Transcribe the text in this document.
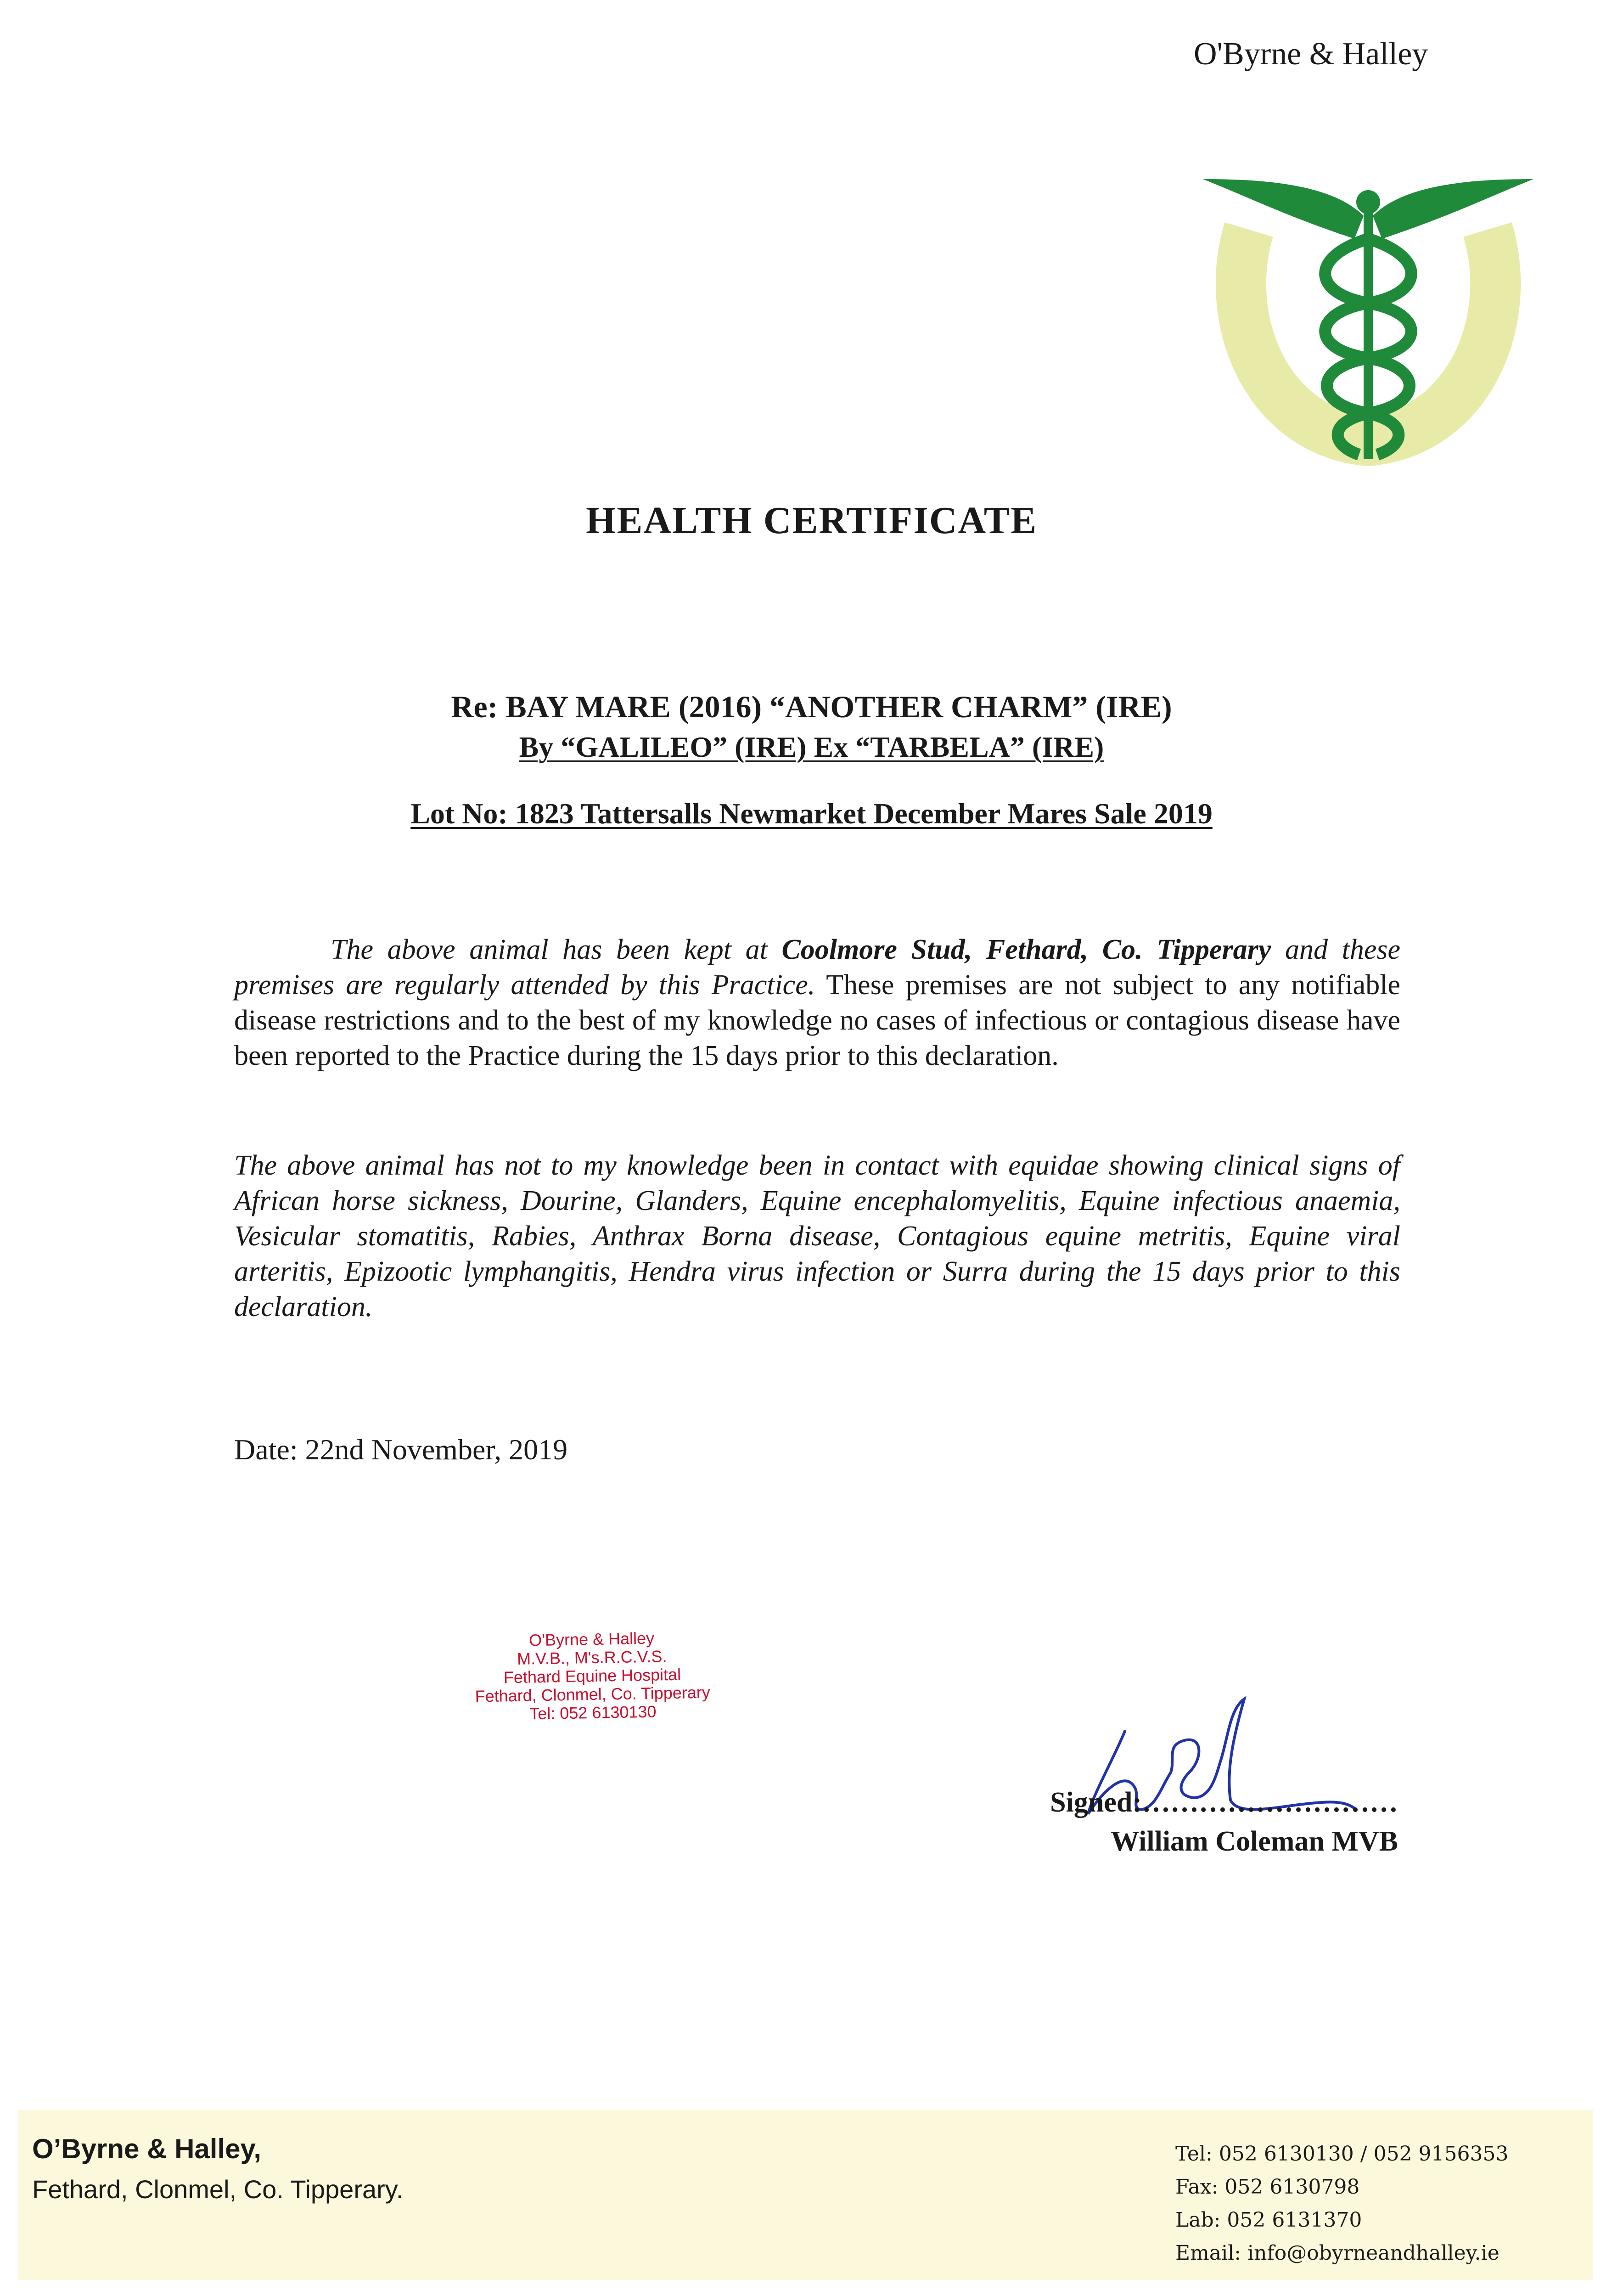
O'Byrne & Halley
HEALTH CERTIFICATE
Re: BAY MARE (2016) “ANOTHER CHARM” (IRE)
By “GALILEO” (IRE) Ex “TARBELA” (IRE)
Lot No: 1823 Tattersalls Newmarket December Mares Sale 2019
The above animal has been kept at Coolmore Stud, Fethard, Co. Tipperary and these premises are regularly attended by this Practice. These premises are not subject to any notifiable disease restrictions and to the best of my knowledge no cases of infectious or contagious disease have been reported to the Practice during the 15 days prior to this declaration.
The above animal has not to my knowledge been in contact with equidae showing clinical signs of African horse sickness, Dourine, Glanders, Equine encephalomyelitis, Equine infectious anaemia, Vesicular stomatitis, Rabies, Anthrax Borna disease, Contagious equine metritis, Equine viral arteritis, Epizootic lymphangitis, Hendra virus infection or Surra during the 15 days prior to this declaration.
Date: 22nd November, 2019
O'Byrne & Halley
M.V.B., M's.R.C.V.S.
Fethard Equine Hospital
Fethard, Clonmel, Co. Tipperary
Tel: 052 6130130
Signed:………………………
William Coleman MVB
O’Byrne & Halley,
Fethard, Clonmel, Co. Tipperary.
Tel: 052 6130130 / 052 9156353
Fax: 052 6130798
Lab: 052 6131370
Email: info@obyrneandhalley.ie
